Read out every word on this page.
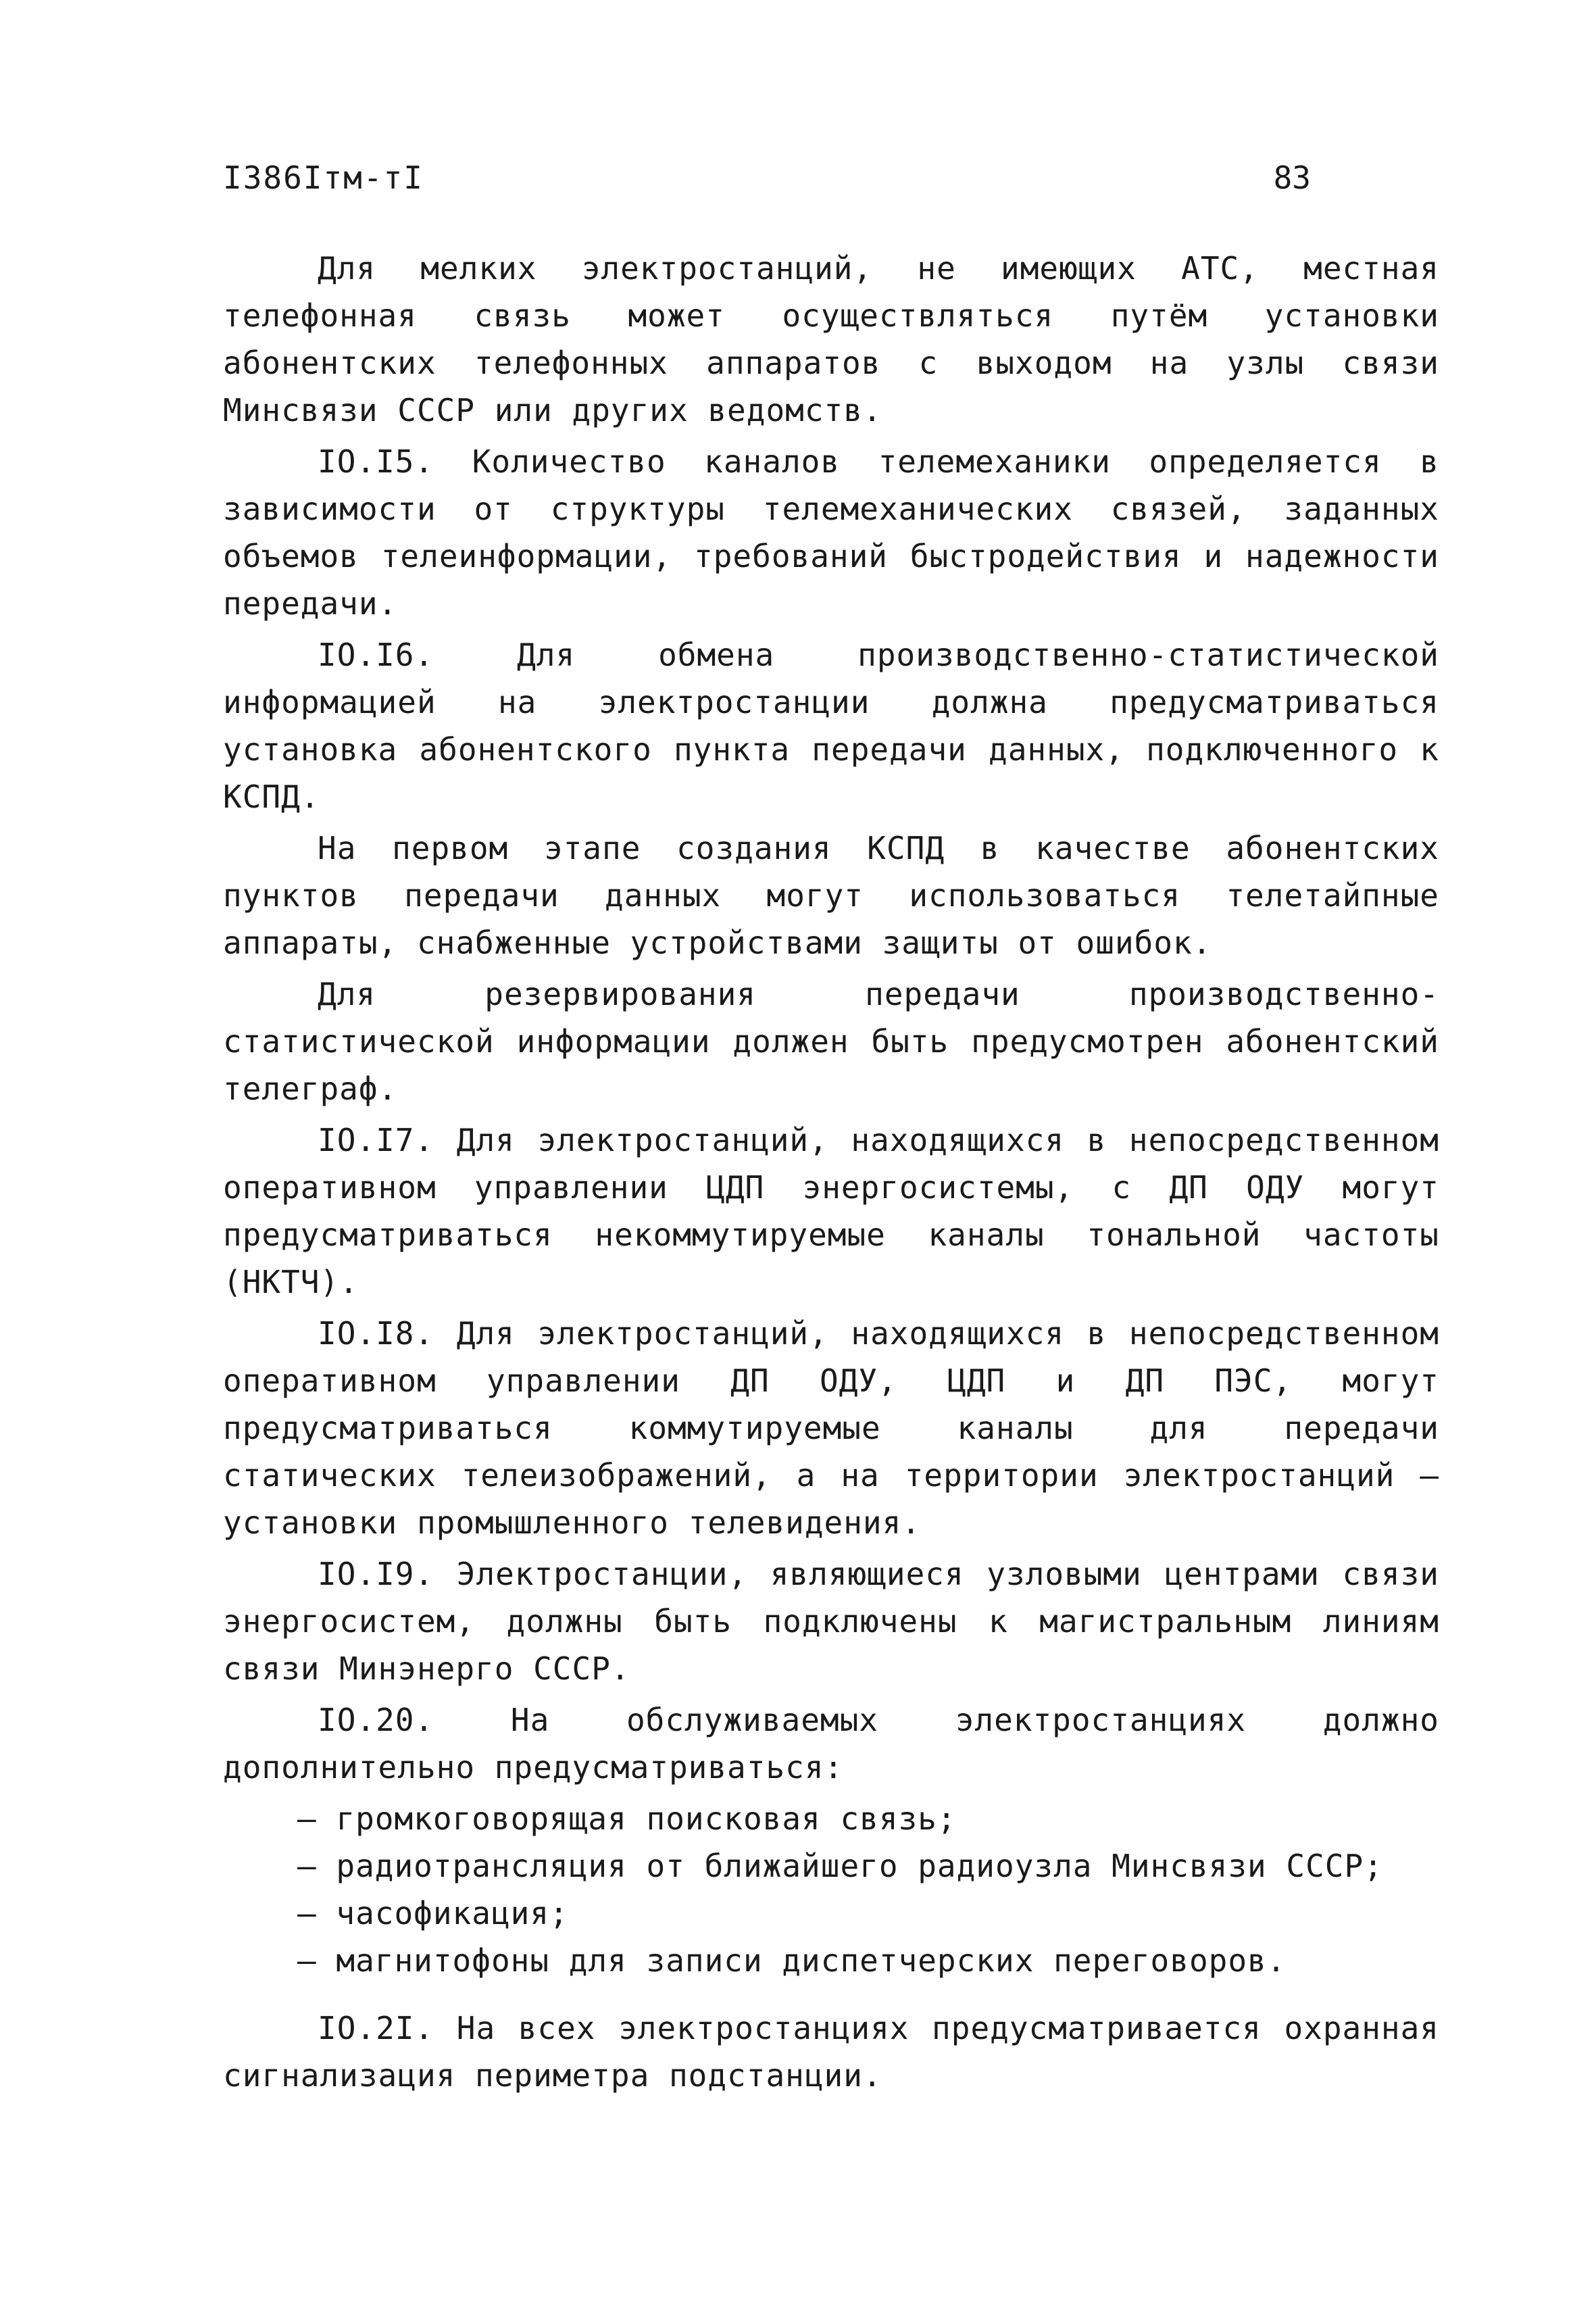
I386Iтм-тI	83

Для мелких электростанций, не имеющих АТС, местная телефонная связь может осуществляться путём установки абонентских телефонных аппаратов с выходом на узлы связи Минсвязи СССР или других ведомств.

IO.I5. Количество каналов телемеханики определяется в зависимости от структуры телемеханических связей, заданных объемов телеинформации, требований быстродействия и надежности передачи.

IO.I6. Для обмена производственно-статистической информацией на электростанции должна предусматриваться установка абонентского пункта передачи данных, подключенного к КСПД.

На первом этапе создания КСПД в качестве абонентских пунктов передачи данных могут использоваться телетайпные аппараты, снабженные устройствами защиты от ошибок.

Для резервирования передачи производственно-статистической информации должен быть предусмотрен абонентский телеграф.

IO.I7. Для электростанций, находящихся в непосредственном оперативном управлении ЦДП энергосистемы, с ДП ОДУ могут предусматриваться некоммутируемые каналы тональной частоты (НКТЧ).

IO.I8. Для электростанций, находящихся в непосредственном оперативном управлении ДП ОДУ, ЦДП и ДП ПЭС, могут предусматриваться коммутируемые каналы для передачи статических телеизображений, а на территории электростанций – установки промышленного телевидения.

IO.I9. Электростанции, являющиеся узловыми центрами связи энергосистем, должны быть подключены к магистральным линиям связи Минэнерго СССР.

IO.20. На обслуживаемых электростанциях должно дополнительно предусматриваться:

– громкоговорящая поисковая связь;
– радиотрансляция от ближайшего радиоузла Минсвязи СССР;
– часофикация;
– магнитофоны для записи диспетчерских переговоров.

IO.2I. На всех электростанциях предусматривается охранная сигнализация периметра подстанции.
